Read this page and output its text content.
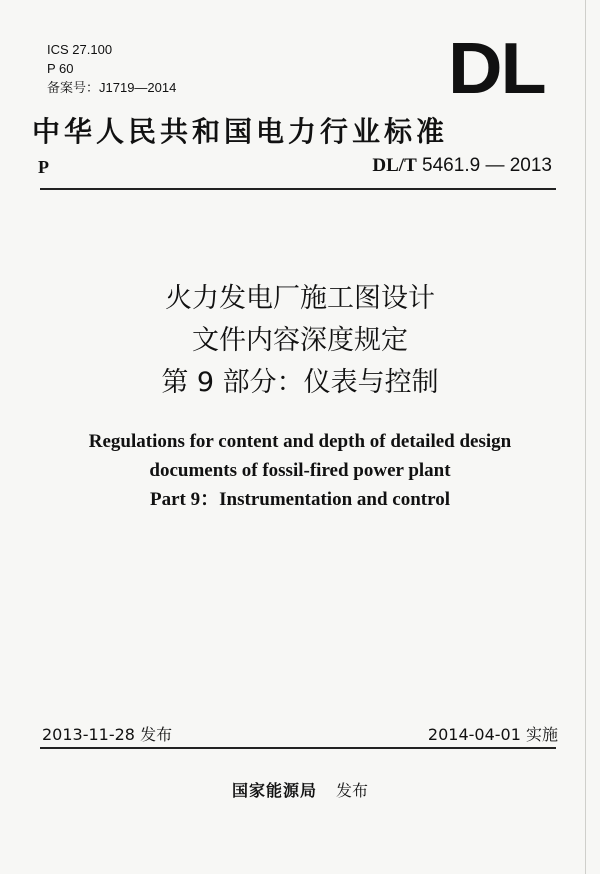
ICS 27.100
P 60
备案号：J1719—2014	DL
中华人民共和国电力行业标准
P	DL/T 5461.9 — 2013
火力发电厂施工图设计
文件内容深度规定
第 9 部分：仪表与控制
Regulations for content and depth of detailed design
documents of fossil-fired power plant
Part 9：Instrumentation and control
2013-11-28 发布	2014-04-01 实施
国家能源局 发布
